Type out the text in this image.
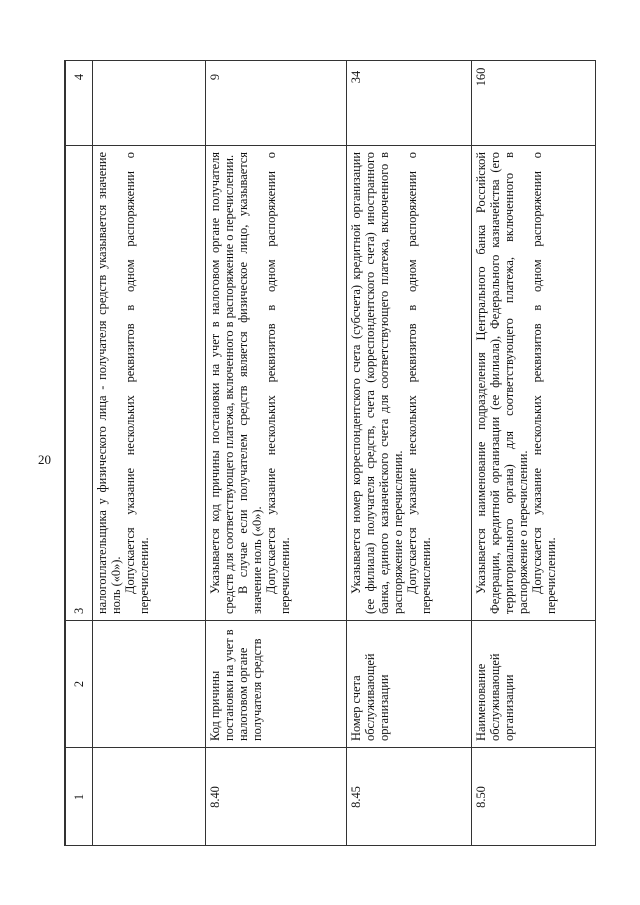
20
1	2	3	4

		налогоплательщика у физического лица - получателя средств указывается значение ноль («0»). Допускается указание нескольких реквизитов в одном распоряжении о перечислении.	

8.40	Код причины постановки на учет в налоговом органе получателя средств	Указывается код причины постановки на учет в налоговом органе получателя средств для соответствующего платежа, включенного в распоряжение о перечислении. В случае если получателем средств является физическое лицо, указывается значение ноль («0»). Допускается указание нескольких реквизитов в одном распоряжении о перечислении.	9
8.45	Номер счета обслуживающей организации	Указывается номер корреспондентского счета (субсчета) кредитной организации (ее филиала) получателя средств, счета (корреспондентского счета) иностранного банка, единого казначейского счета для соответствующего платежа, включенного в распоряжение о перечислении. Допускается указание нескольких реквизитов в одном распоряжении о перечислении.	34
8.50	Наименование обслуживающей организации	Указывается наименование подразделения Центрального банка Российской Федерации, кредитной организации (ее филиала), Федерального казначейства (его территориального органа) для соответствующего платежа, включенного в распоряжение о перечислении. Допускается указание нескольких реквизитов в одном распоряжении о перечислении.	160
